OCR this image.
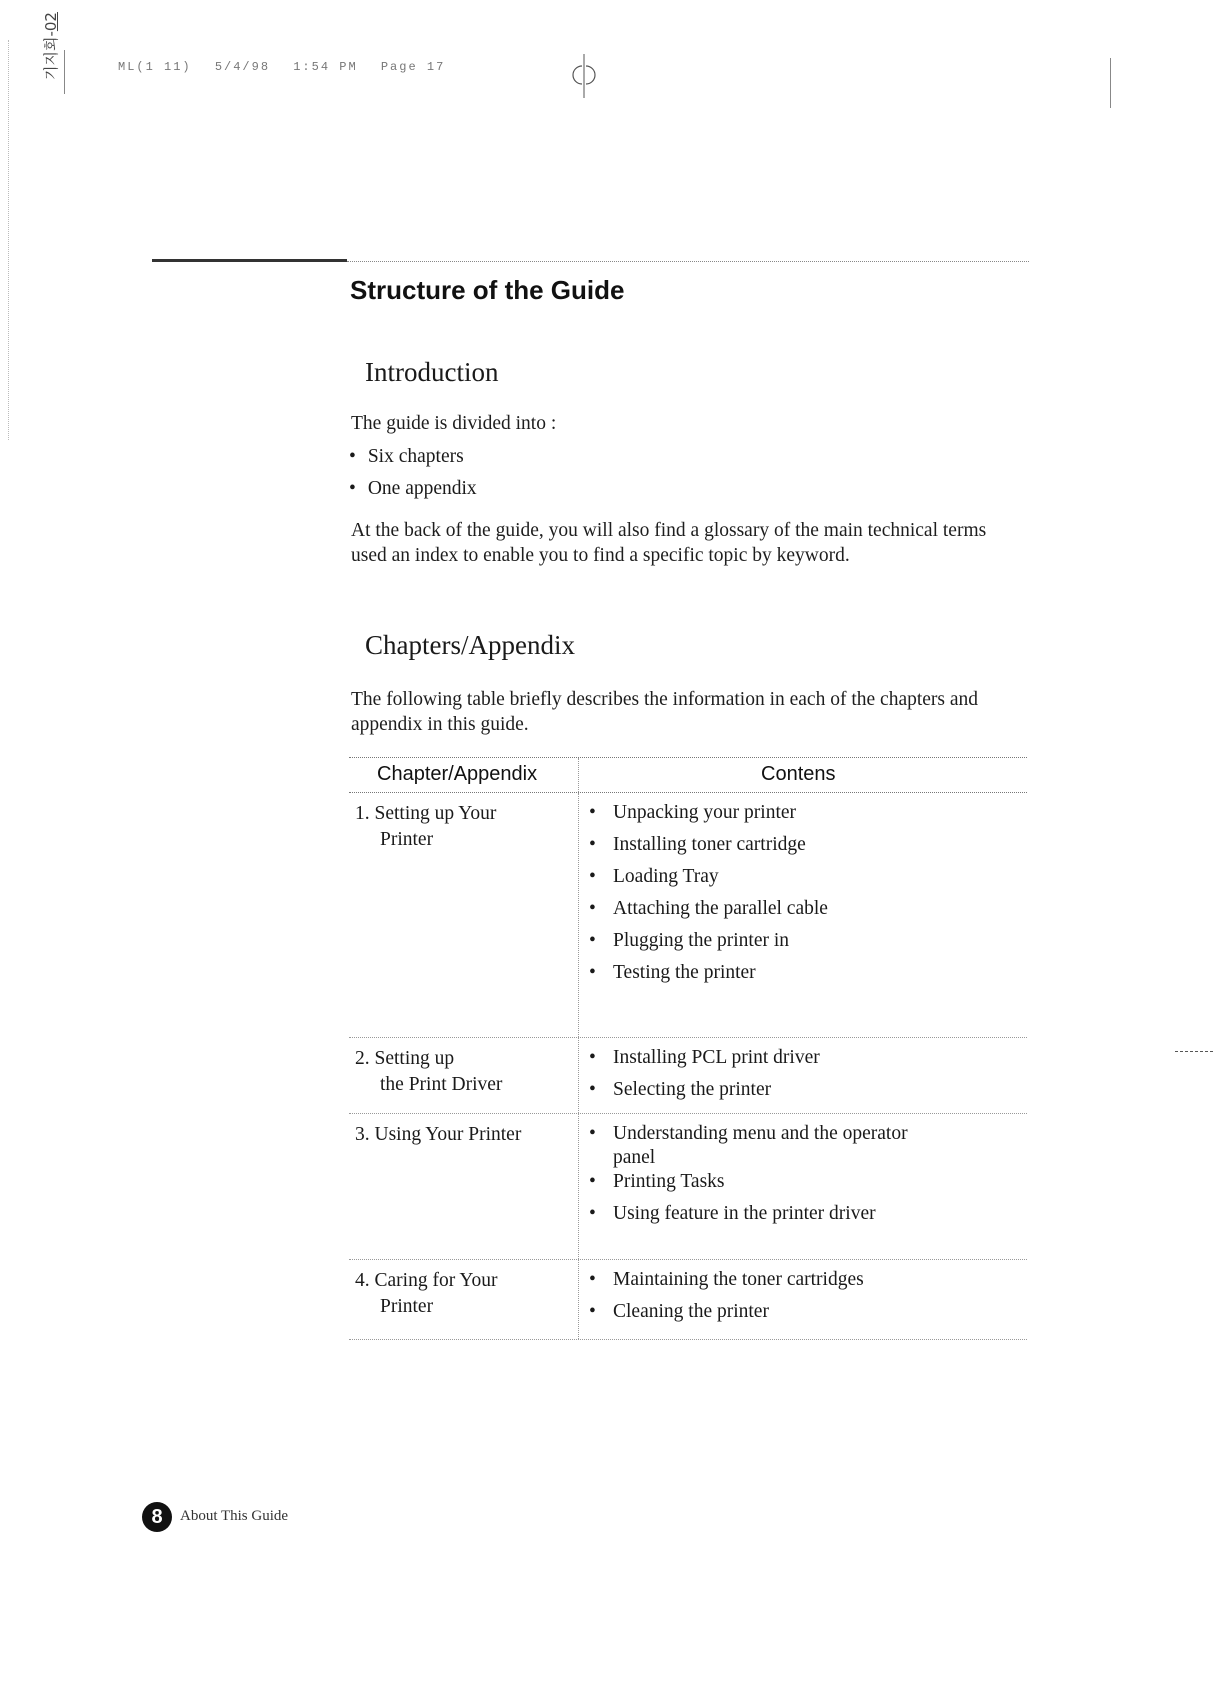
ML(1 11) 5/4/98 1:54 PM Page 17
기지회-02
Structure of the Guide
Introduction
The guide is divided into :
• Six chapters
• One appendix
At the back of the guide, you will also find a glossary of the main technical terms used an index to enable you to find a specific topic by keyword.
Chapters/Appendix
The following table briefly describes the information in each of the chapters and appendix in this guide.
Chapter/Appendix	Contens
1. Setting up Your
Printer
• Unpacking your printer
• Installing toner cartridge
• Loading Tray
• Attaching the parallel cable
• Plugging the printer in
• Testing the printer
2. Setting up
the Print Driver
• Installing PCL print driver
• Selecting the printer
3. Using Your Printer
•	Understanding menu and the operator
panel
• Printing Tasks
• Using feature in the printer driver
4. Caring for Your
Printer
• Maintaining the toner cartridges
• Cleaning the printer
8	About This Guide
